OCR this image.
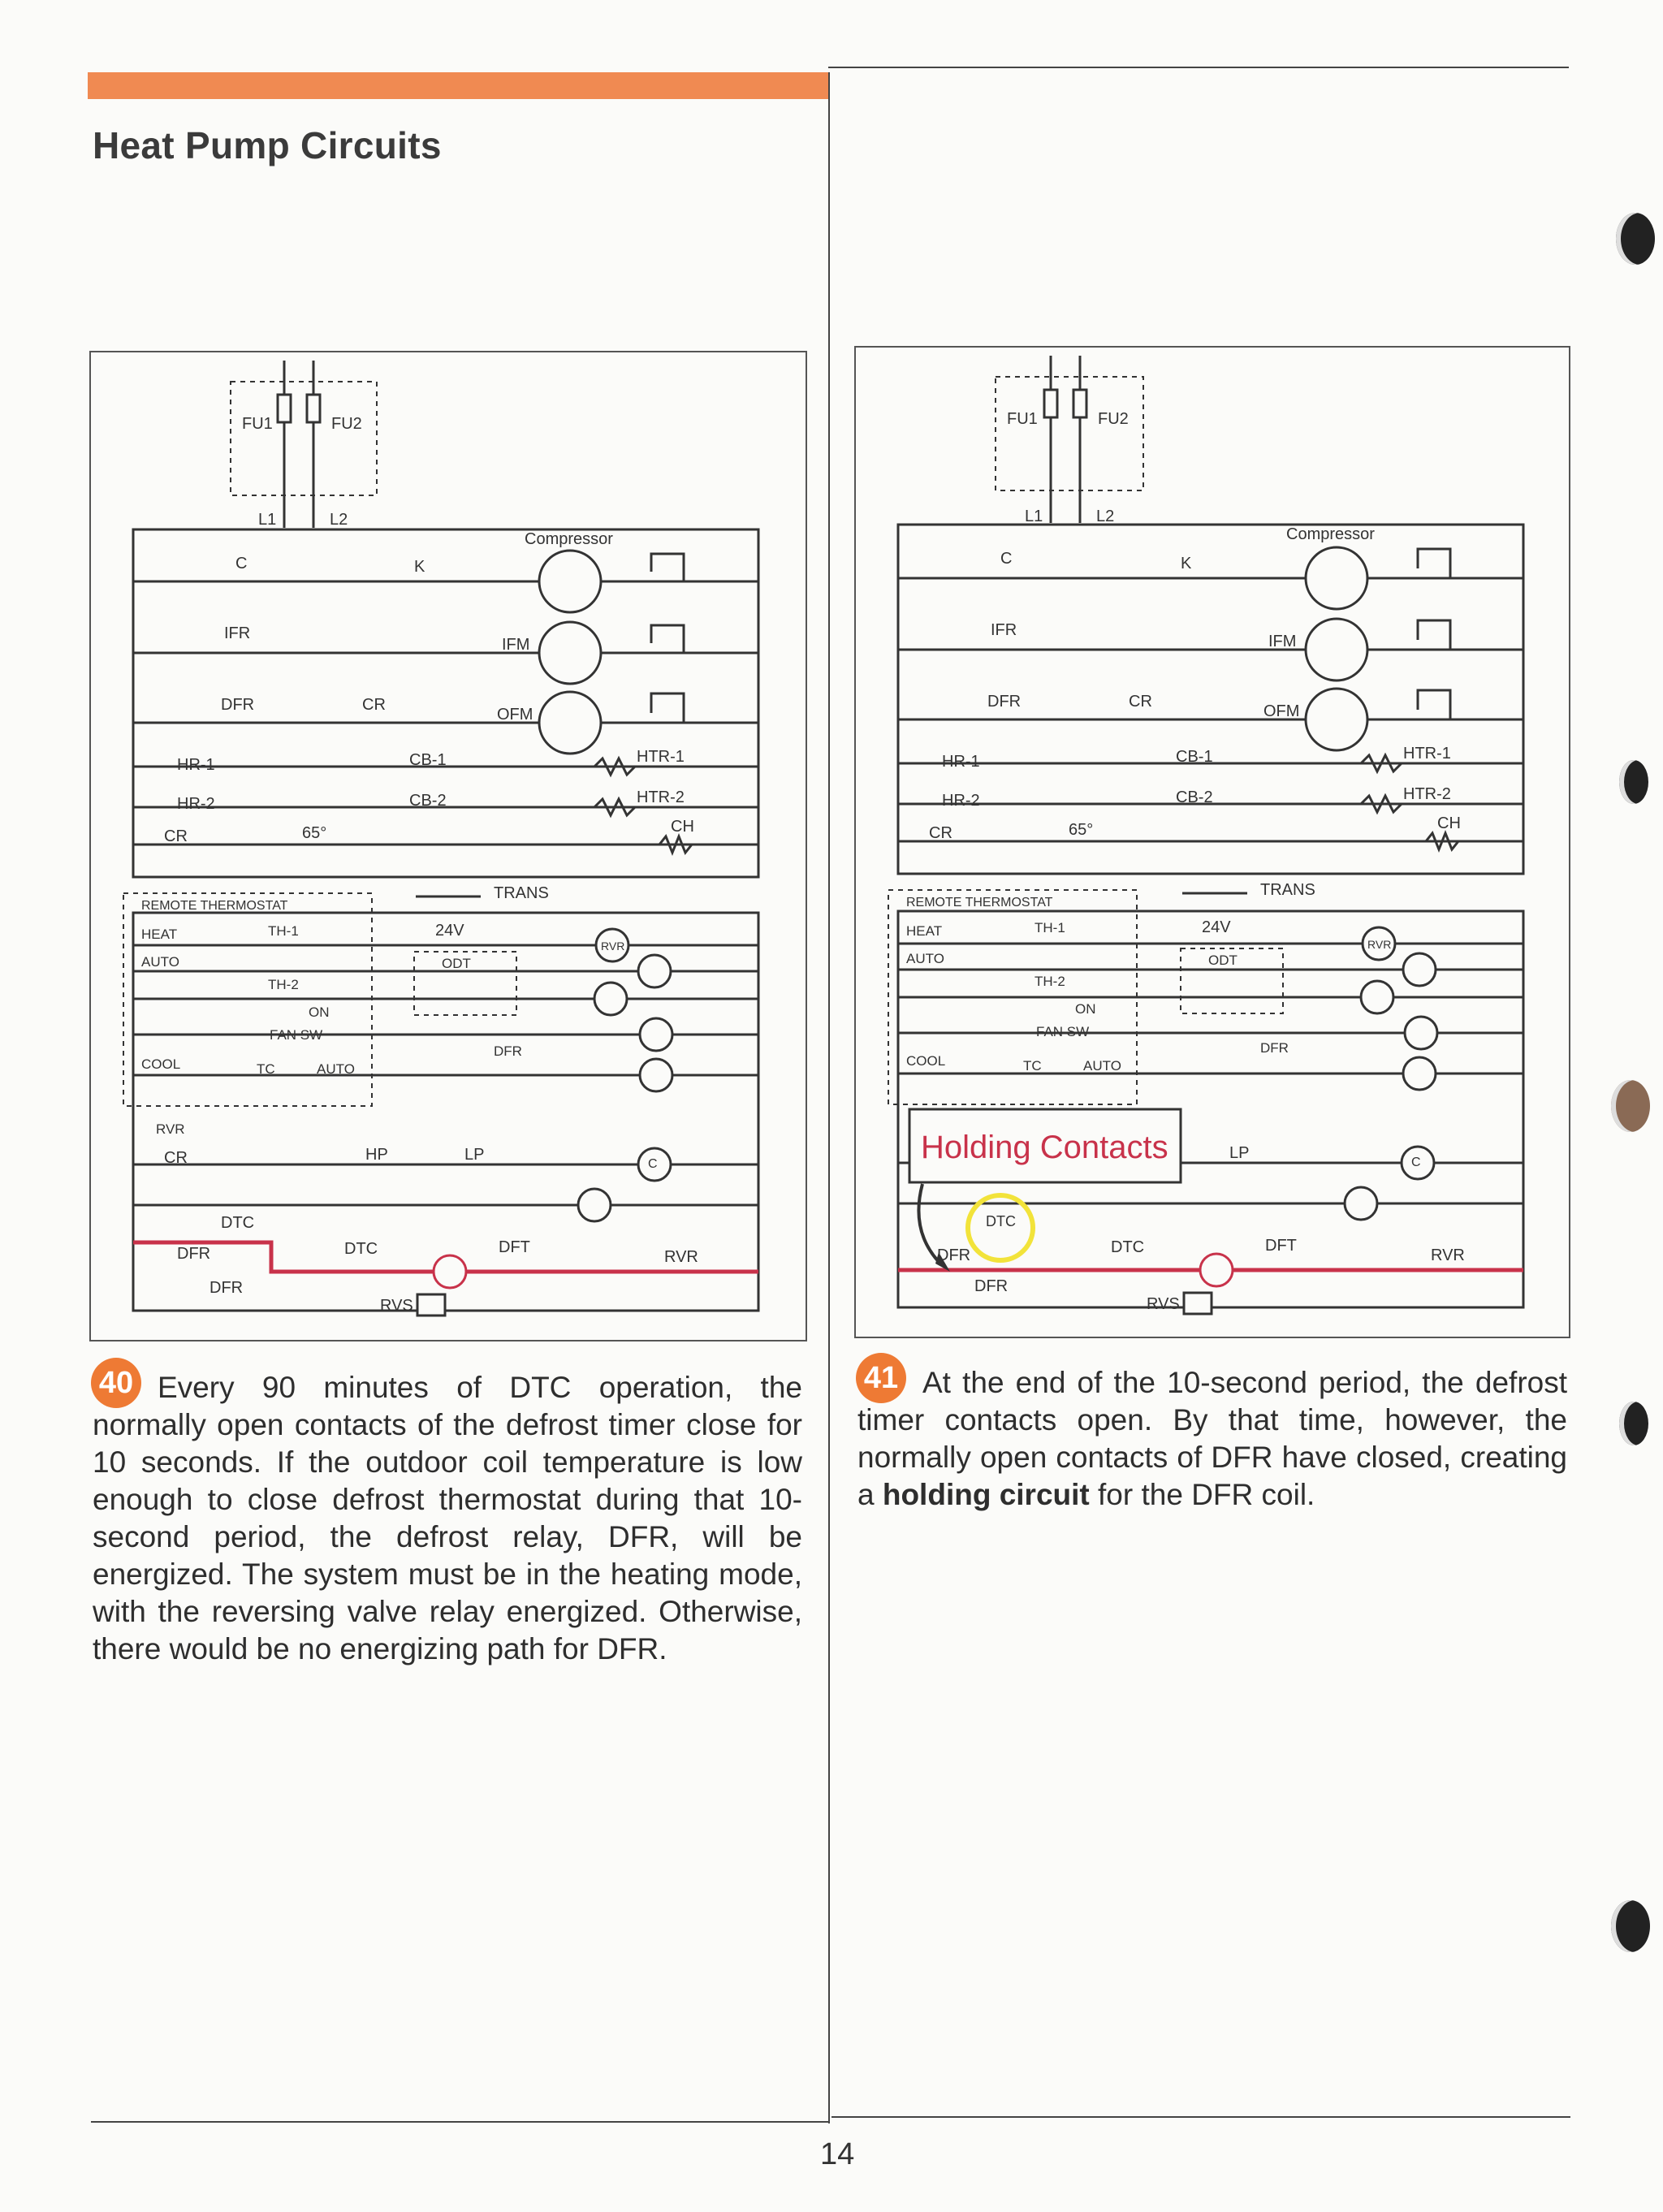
Heat Pump Circuits
FU1	FU2
L1	L2
Compressor
C	K
IFR
IFM
DFR	CR
OFM
HR-1
HR-2
CB-1
CB-2
HTR-1
HTR-2
CR	65°	CH
TRANS
24V
REMOTE THERMOSTAT
HEAT	TH-1
AUTO
TH-2
ON
FAN SW
COOL	TC	AUTO
ODT
DFR
RVR
CR	HP	LP
DTC
DFR	DTC
DFR
DFT
RVR
RVS
RVR
C	Holding Contacts
FU1	FU2
L1	L2
Compressor
C	K
IFR
IFM
DFR	CR
OFM
HR-1
HR-2
CB-1
CB-2
HTR-1
HTR-2
CR	65°	CH
TRANS
24V
REMOTE THERMOSTAT
HEAT	TH-1
AUTO
TH-2
ON
FAN SW
COOL	TC	AUTO
ODT
DFR
LP
DTC
DFR
DFR
DTC	DFT
RVR
RVS
RVR
C
40 Every 90 minutes of DTC operation, the normally open contacts of the defrost timer close for 10 seconds. If the outdoor coil temperature is low enough to close defrost thermostat during that 10-second period, the defrost relay, DFR, will be energized. The system must be in the heating mode, with the reversing valve relay energized. Otherwise, there would be no energizing path for DFR.
41 At the end of the 10-second period, the defrost timer contacts open. By that time, however, the normally open contacts of DFR have closed, creating a holding circuit for the DFR coil.
14
